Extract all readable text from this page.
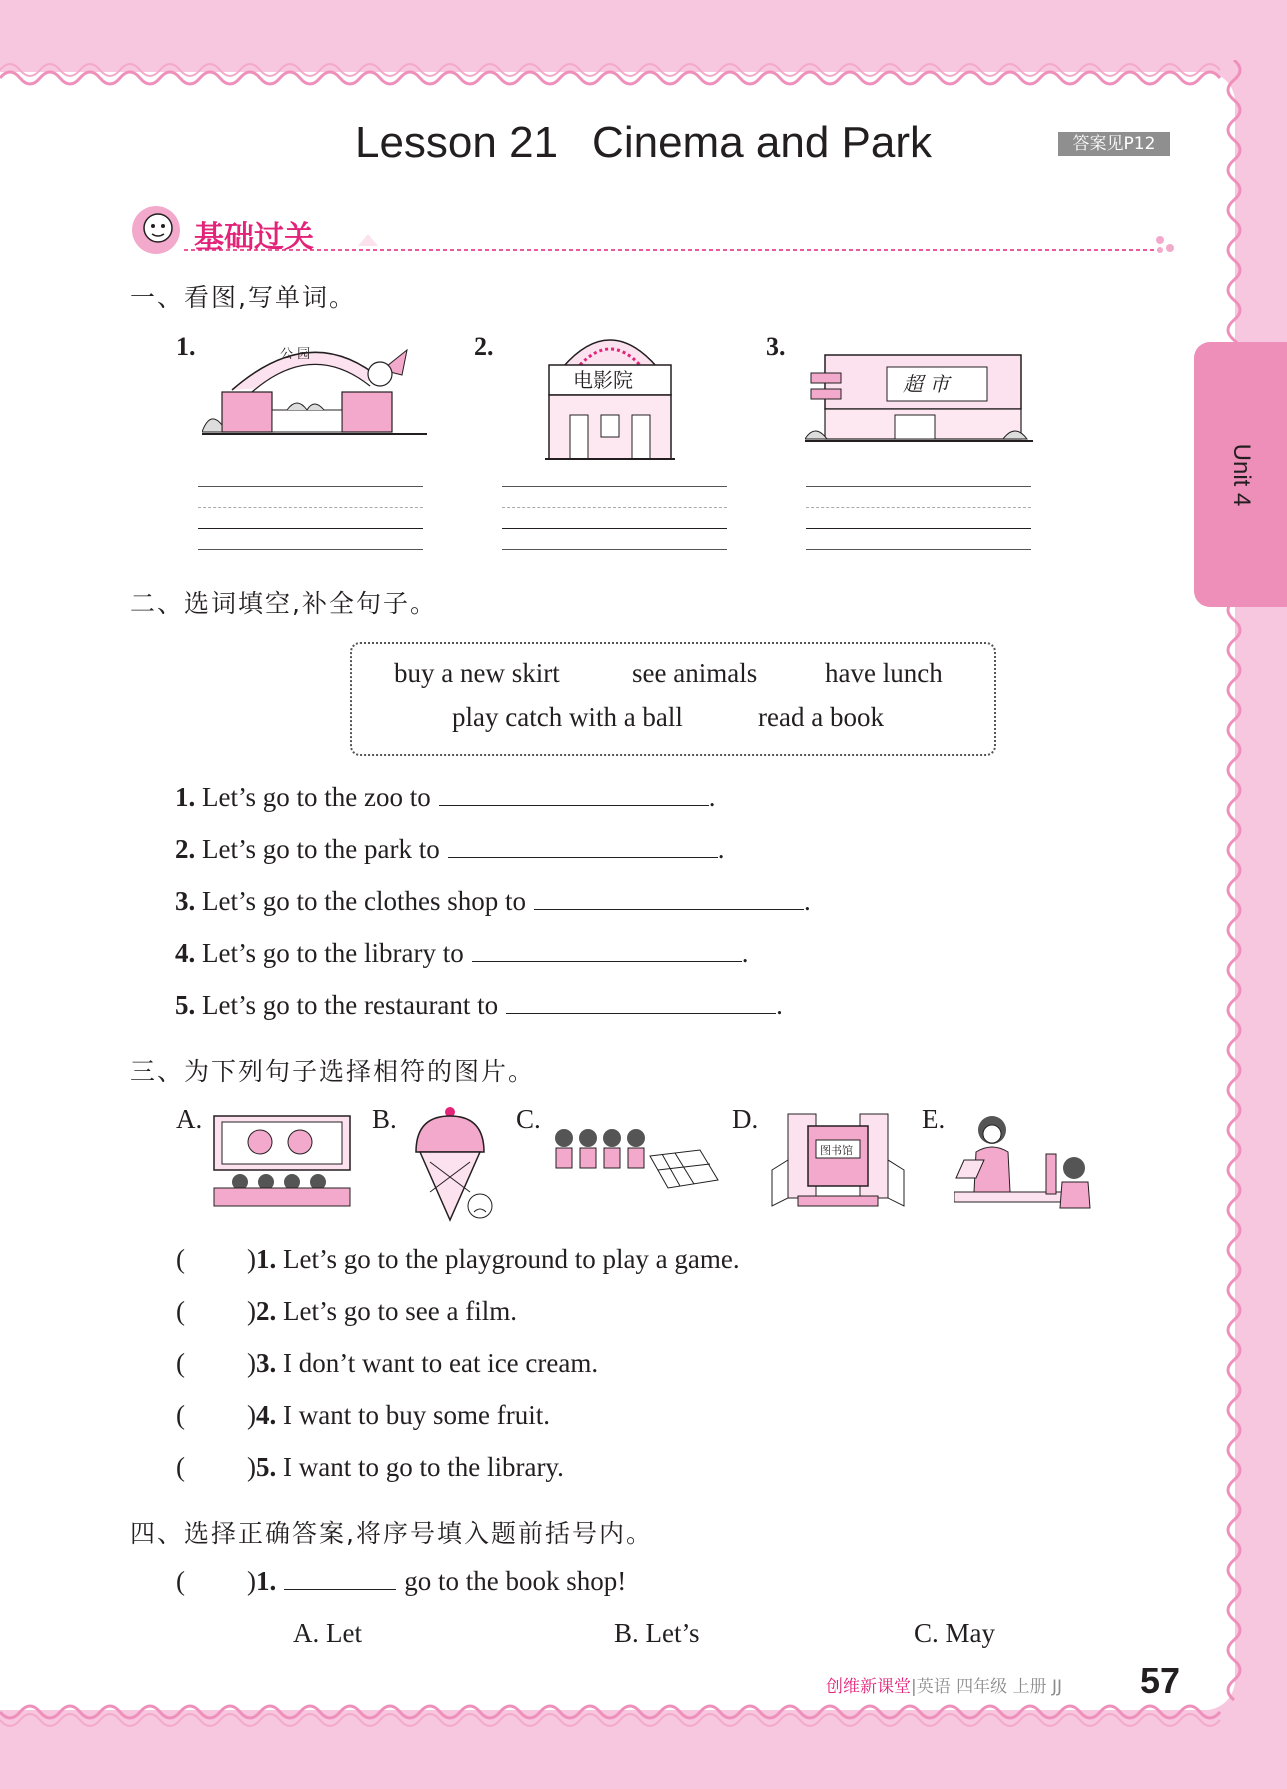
Unit 4
Lesson 21 Cinema and Park	答案见P12
基础过关
一、看图,写单词。
1.	公 园	2.
电影院
3.
超 市
二、选词填空,补全句子。
buy a new skirt	see animals	have lunch
play catch with a ball	read a book
1. Let’s go to the zoo to	.
2. Let’s go to the park to	.
3. Let’s go to the clothes shop to	.
4. Let’s go to the library to	.
5. Let’s go to the restaurant to	.
三、为下列句子选择相符的图片。
A.	B.	C.	D.
图书馆
E.
( )1. Let’s go to the playground to play a game.
( )2. Let’s go to see a film.
( )3. I don’t want to eat ice cream.
( )4. I want to buy some fruit.
( )5. I want to go to the library.
四、选择正确答案,将序号填入题前括号内。
( )1.	go to the book shop!
A. Let	B. Let’s	C. May
创维新课堂|英语 四年级 上册 JJ 57
